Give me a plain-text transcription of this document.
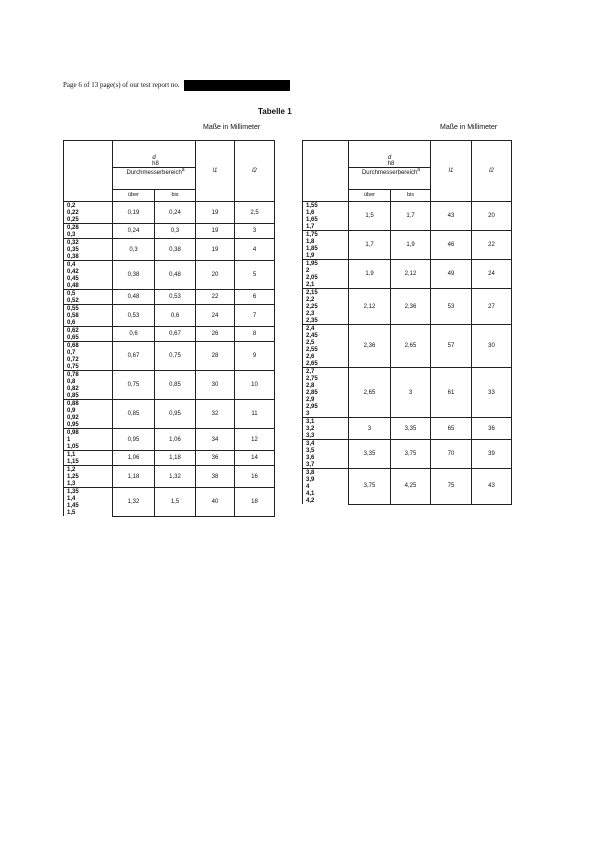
Page 6 of 13 page(s) of our test report no.
Tabelle 1
Maße in Millimeter	Maße in Millimeter

	d
h8
Durchmesserbereich$^a$		l1	l2
	über	bis		
0,2	0,19	0,24	19	2,5
0,22				
0,25				
0,28	0,24	0,3	19	3
0,3				
0,32	0,3	0,38	19	4
0,35				
0,38				
0,4	0,38	0,48	20	5
0,42				
0,45				
0,48				
0,5	0,48	0,53	22	6
0,52				
0,55	0,53	0,6	24	7
0,58				
0,6				
0,62	0,6	0,67	26	8
0,65				
0,68	0,67	0,75	28	9
0,7				
0,72				
0,75				
0,78	0,75	0,85	30	10
0,8				
0,82				
0,85				
0,88	0,85	0,95	32	11
0,9				
0,92				
0,95				
0,98	0,95	1,06	34	12
1				
1,05				
1,1	1,06	1,18	36	14
1,15				
1,2	1,18	1,32	38	16
1,25				
1,3				
1,35	1,32	1,5	40	18
1,4				
1,45				
1,5				

	d
h8
Durchmesserbereich$^a$		l1	l2
	über	bis		
1,55	1,5	1,7	43	20
1,6				
1,65				
1,7				
1,75	1,7	1,9	46	22
1,8				
1,85				
1,9				
1,95	1,9	2,12	49	24
2				
2,05				
2,1				
2,15	2,12	2,36	53	27
2,2				
2,25				
2,3				
2,35				
2,4	2,36	2,65	57	30
2,45				
2,5				
2,55				
2,6				
2,65				
2,7	2,65	3	61	33
2,75				
2,8				
2,85				
2,9				
2,95				
3				
3,1	3	3,35	65	36
3,2				
3,3				
3,4	3,35	3,75	70	39
3,5				
3,6				
3,7				
3,8	3,75	4,25	75	43
3,9				
4				
4,1				
4,2				
